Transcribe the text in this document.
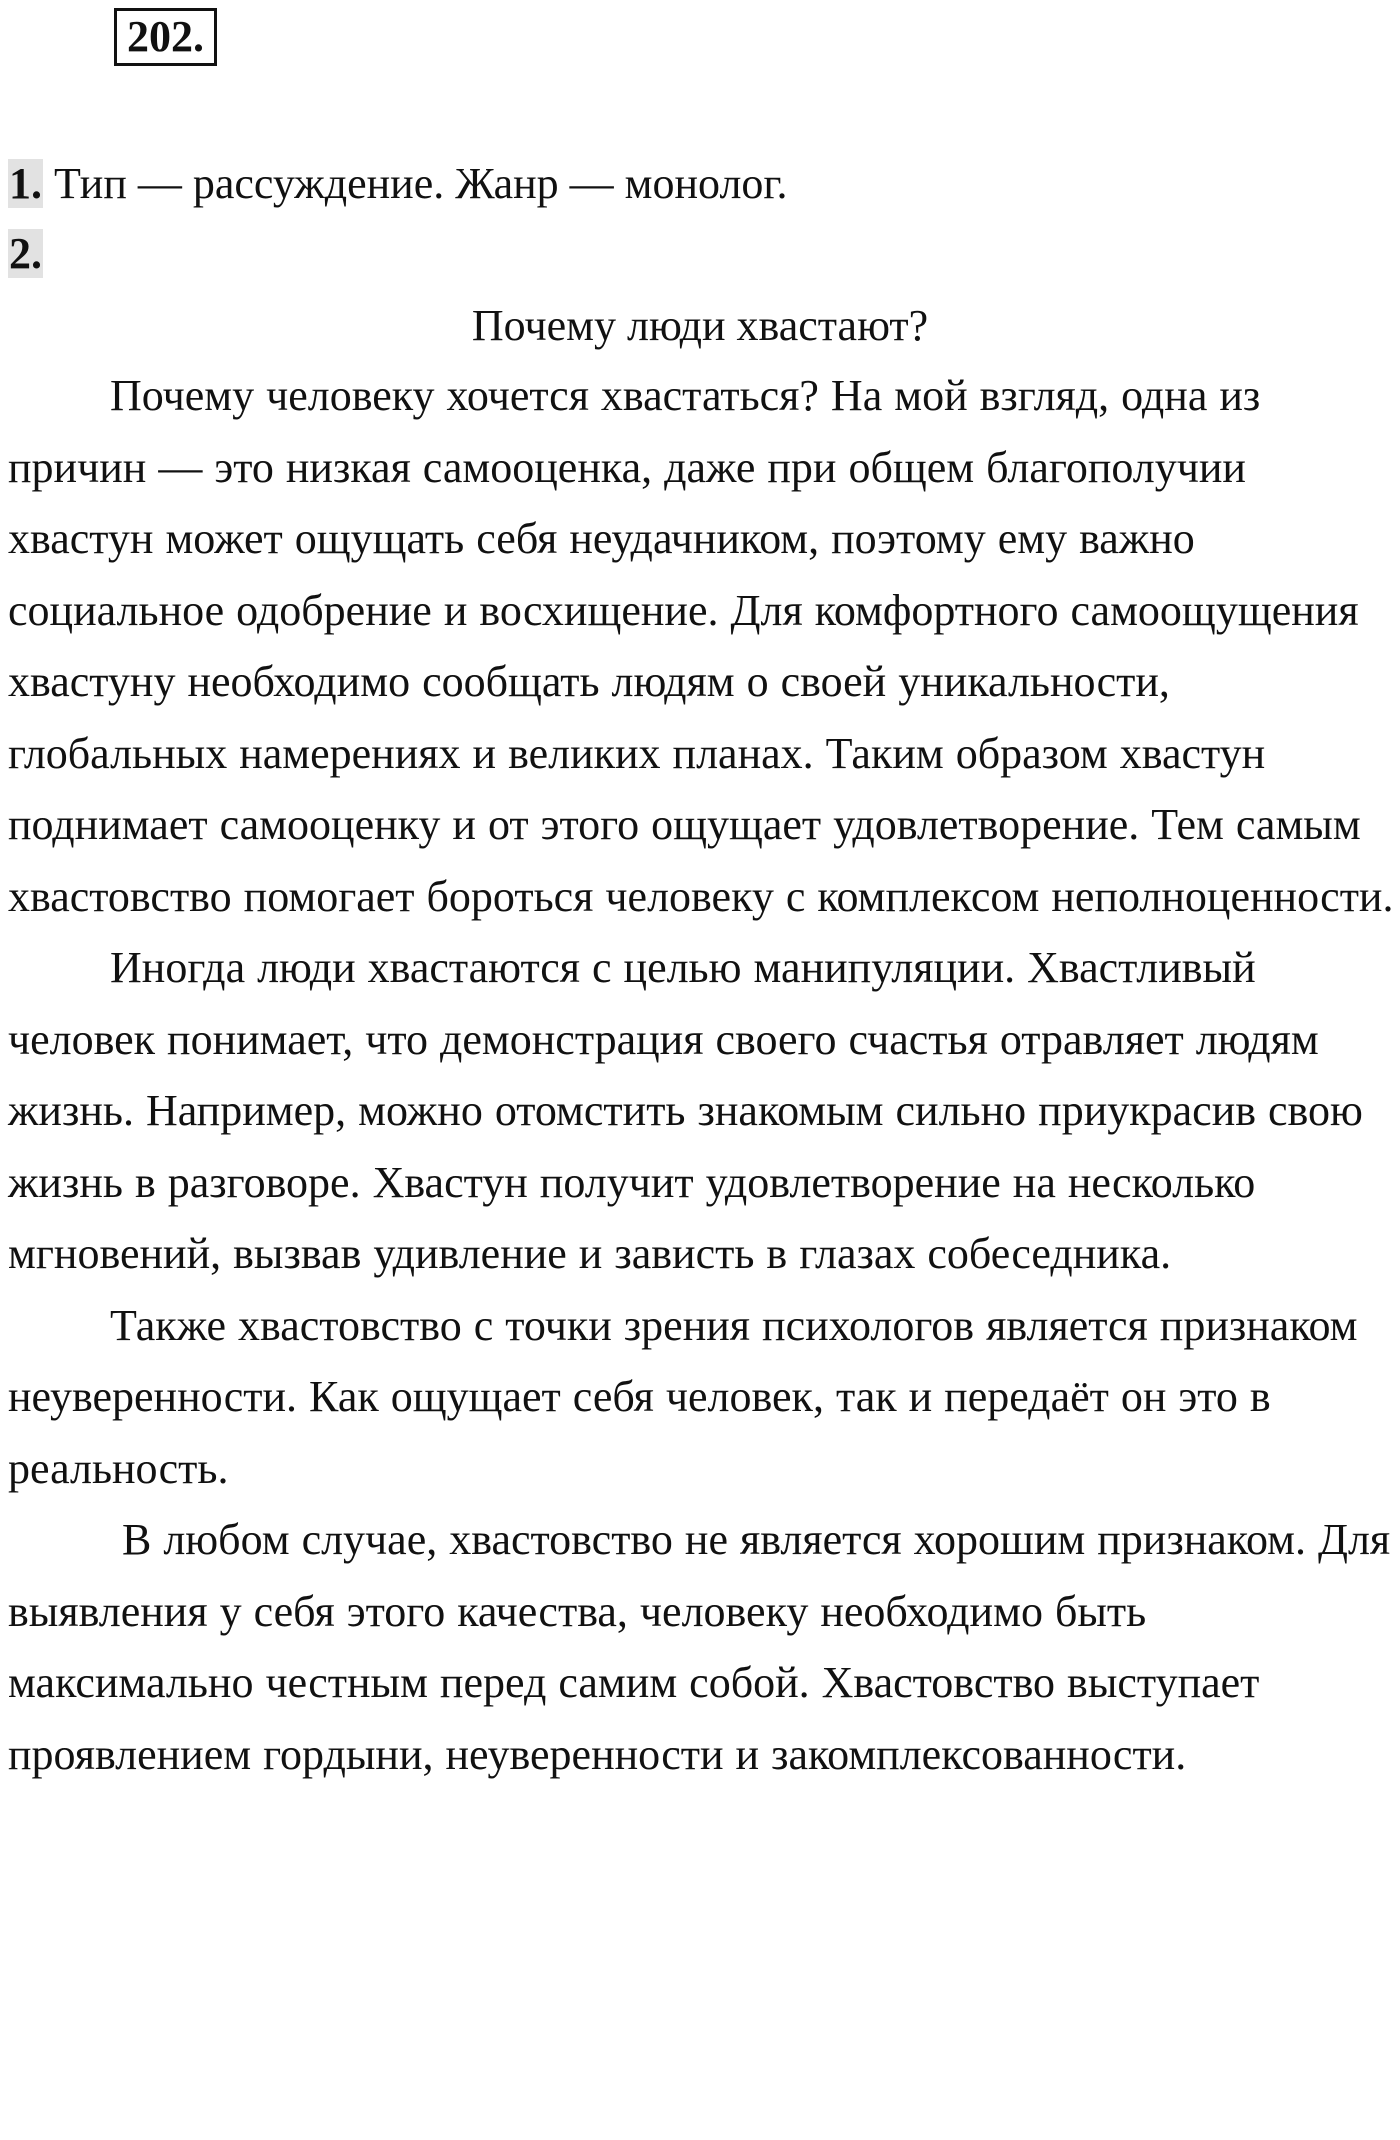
202.
1. Тип — рассуждение. Жанр — монолог.
2.
Почему люди хвастают?

Почему человеку хочется хвастаться? На мой взгляд, одна из причин — это низкая самооценка, даже при общем благополучии хвастун может ощущать себя неудачником, поэтому ему важно социальное одобрение и восхищение. Для комфортного самоощущения хвастуну необходимо сообщать людям о своей уникальности, глобальных намерениях и великих планах. Таким образом хвастун поднимает самооценку и от этого ощущает удовлетворение. Тем самым хвастовство помогает бороться человеку с комплексом неполноценности.

Иногда люди хвастаются с целью манипуляции. Хвастливый человек понимает, что демонстрация своего счастья отравляет людям жизнь. Например, можно отомстить знакомым сильно приукрасив свою жизнь в разговоре. Хвастун получит удовлетворение на несколько мгновений, вызвав удивление и зависть в глазах собеседника.

Также хвастовство с точки зрения психологов является признаком неуверенности. Как ощущает себя человек, так и передаёт он это в реальность.

В любом случае, хвастовство не является хорошим признаком. Для выявления у себя этого качества, человеку необходимо быть максимально честным перед самим собой. Хвастовство выступает проявлением гордыни, неуверенности и закомплексованности.
